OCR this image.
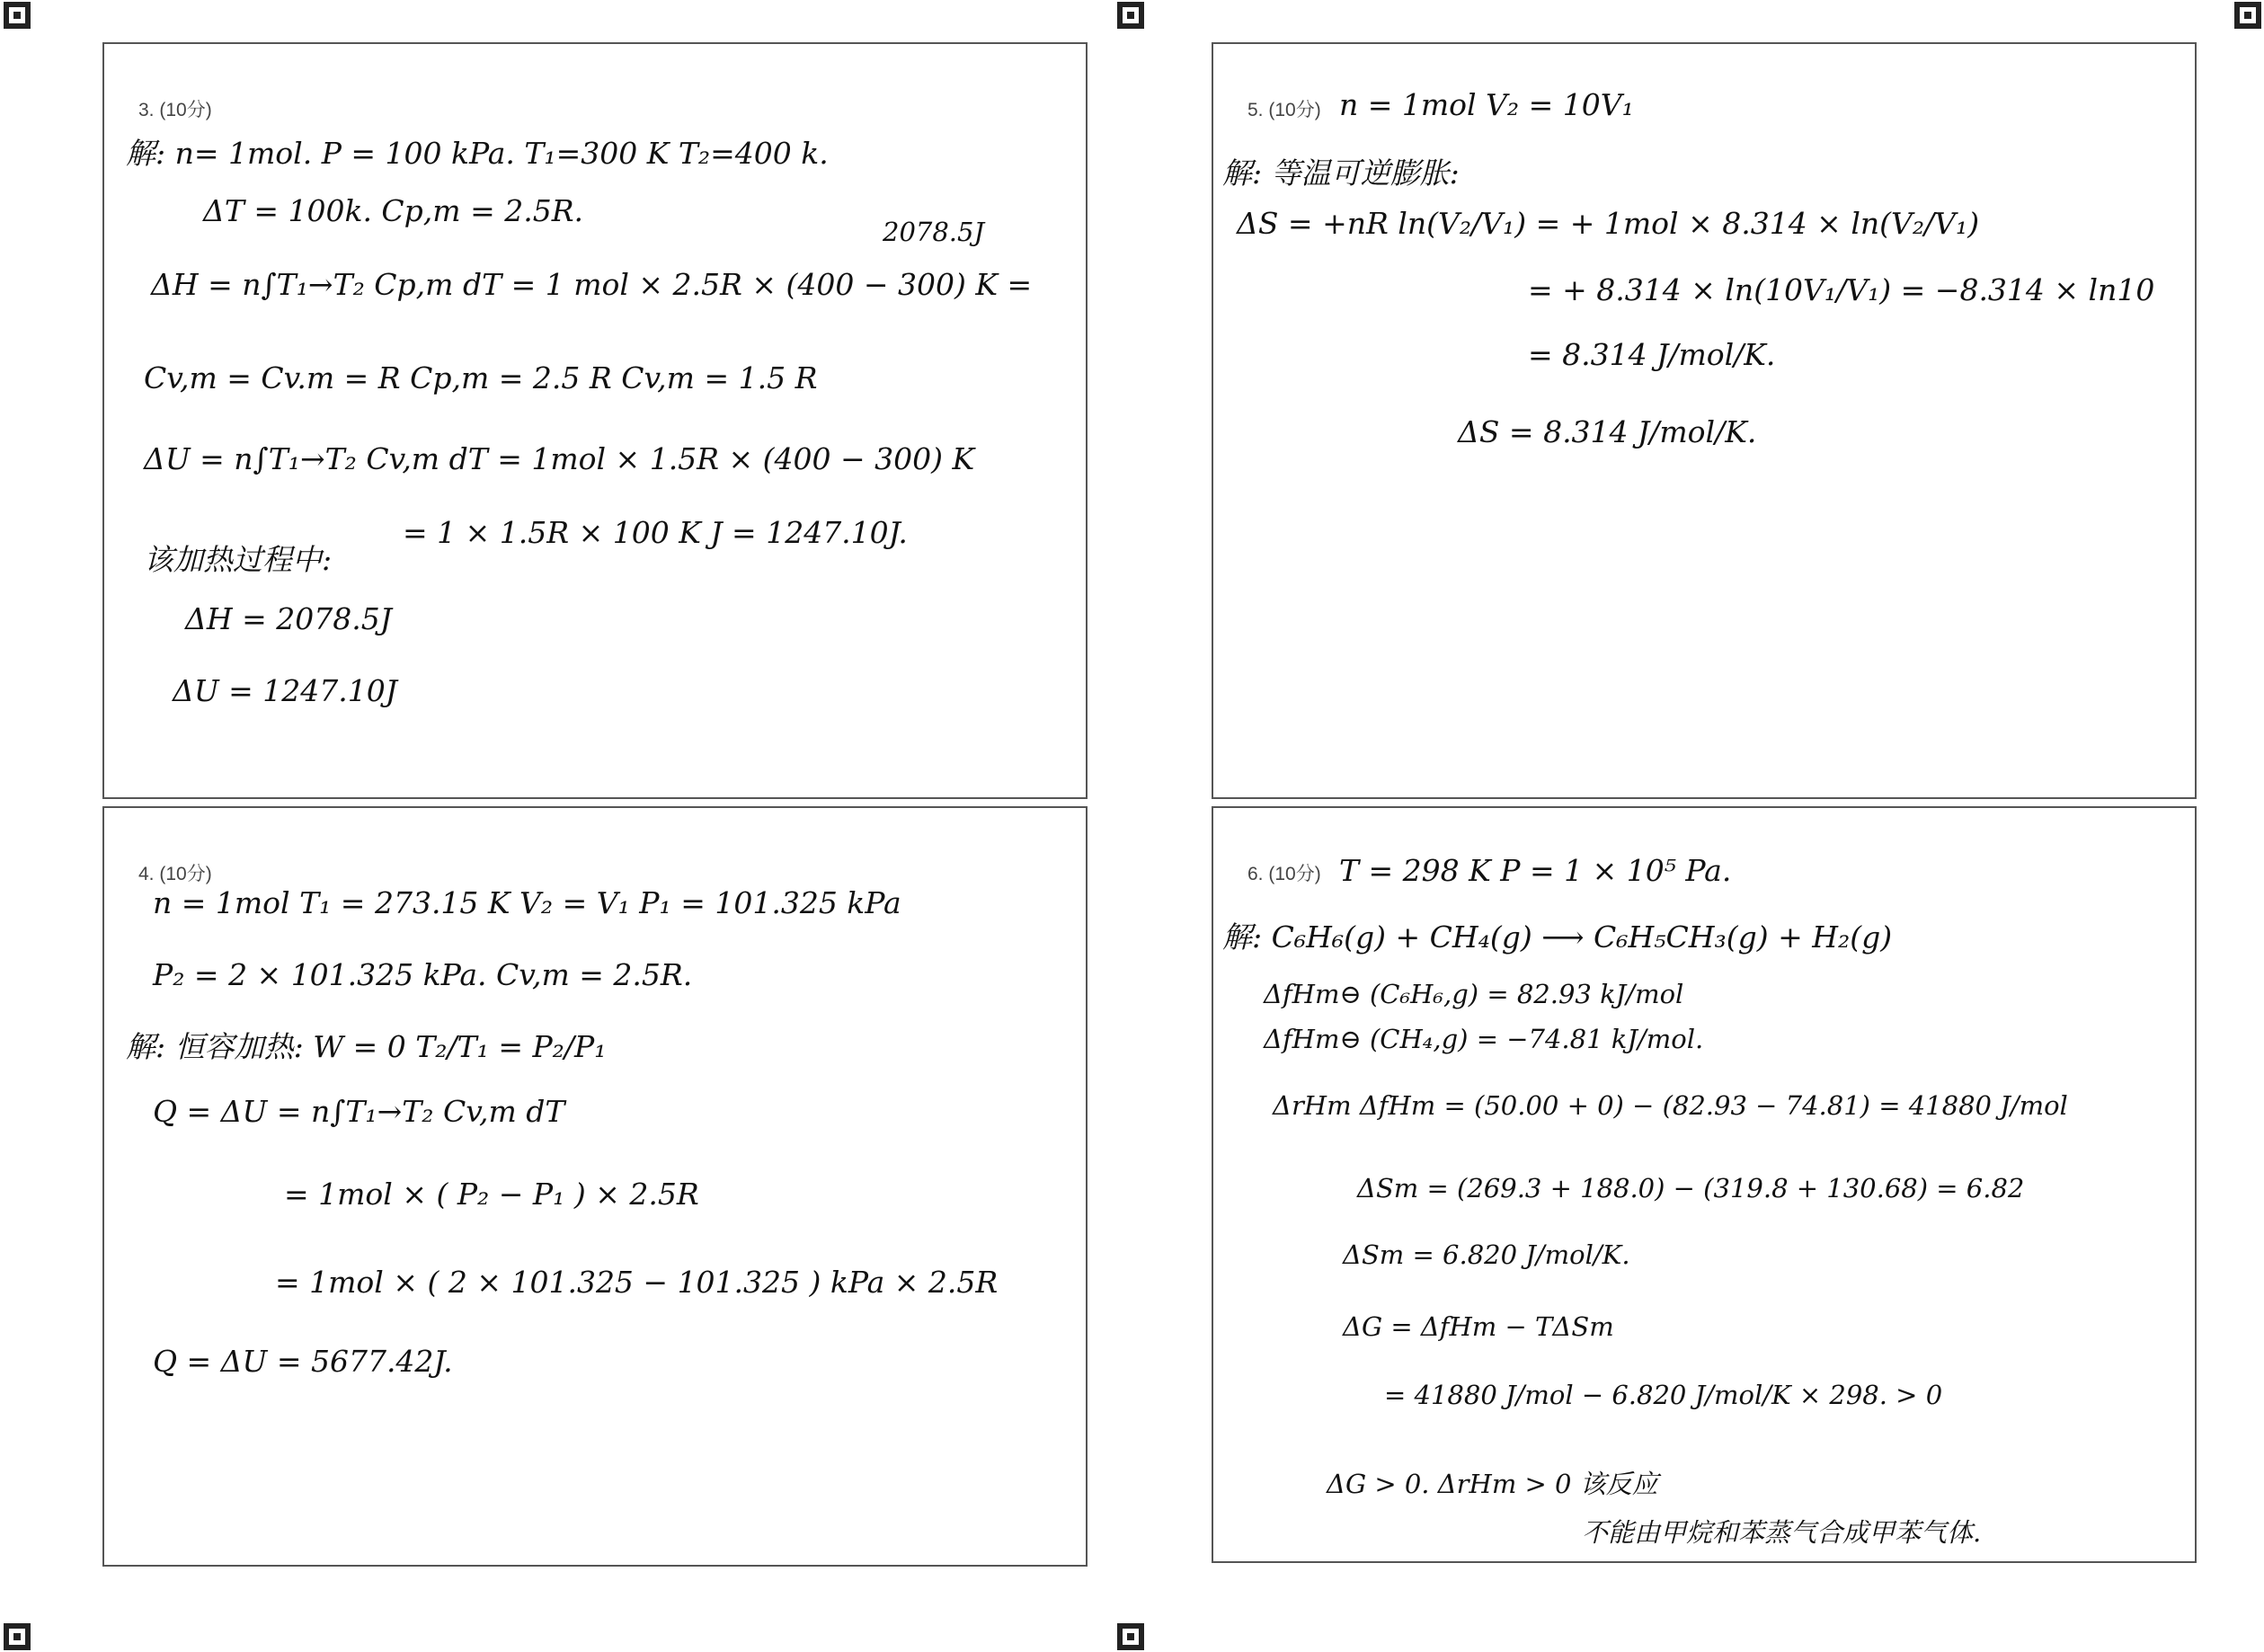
3. (10分)
解: n= 1mol. P = 100 kPa. T₁=300 K T₂=400 k.
ΔT = 100k. Cp,m = 2.5R.
2078.5J
ΔH = n∫T₁→T₂ Cp,m dT = 1 mol × 2.5R × (400 − 300) K =
Cv,m = Cv.m = R Cp,m = 2.5 R Cv,m = 1.5 R
ΔU = n∫T₁→T₂ Cv,m dT = 1mol × 1.5R × (400 − 300) K
= 1 × 1.5R × 100 K J = 1247.10J.
该加热过程中:
ΔH = 2078.5J
ΔU = 1247.10J
5. (10分) n = 1mol V₂ = 10V₁
解: 等温可逆膨胀:
ΔS = +nR ln(V₂/V₁) = + 1mol × 8.314 × ln(V₂/V₁)
= + 8.314 × ln(10V₁/V₁) = −8.314 × ln10
= 8.314 J/mol/K.
ΔS = 8.314 J/mol/K.
4. (10分)
n = 1mol T₁ = 273.15 K V₂ = V₁ P₁ = 101.325 kPa
P₂ = 2 × 101.325 kPa. Cv,m = 2.5R.
解: 恒容加热: W = 0 T₂/T₁ = P₂/P₁
Q = ΔU = n∫T₁→T₂ Cv,m dT
= 1mol × ( P₂ − P₁ ) × 2.5R
= 1mol × ( 2 × 101.325 − 101.325 ) kPa × 2.5R
Q = ΔU = 5677.42J.
6. (10分) T = 298 K P = 1 × 10⁵ Pa.
解: C₆H₆(g) + CH₄(g) ⟶ C₆H₅CH₃(g) + H₂(g)
ΔfHm⊖ (C₆H₆,g) = 82.93 kJ/mol
ΔfHm⊖ (CH₄,g) = −74.81 kJ/mol.
ΔrHm ΔfHm = (50.00 + 0) − (82.93 − 74.81) = 41880 J/mol
ΔSm = (269.3 + 188.0) − (319.8 + 130.68) = 6.82
ΔSm = 6.820 J/mol/K.
ΔG = ΔfHm − TΔSm
= 41880 J/mol − 6.820 J/mol/K × 298. > 0
ΔG > 0. ΔrHm > 0 该反应
不能由甲烷和苯蒸气合成甲苯气体.
